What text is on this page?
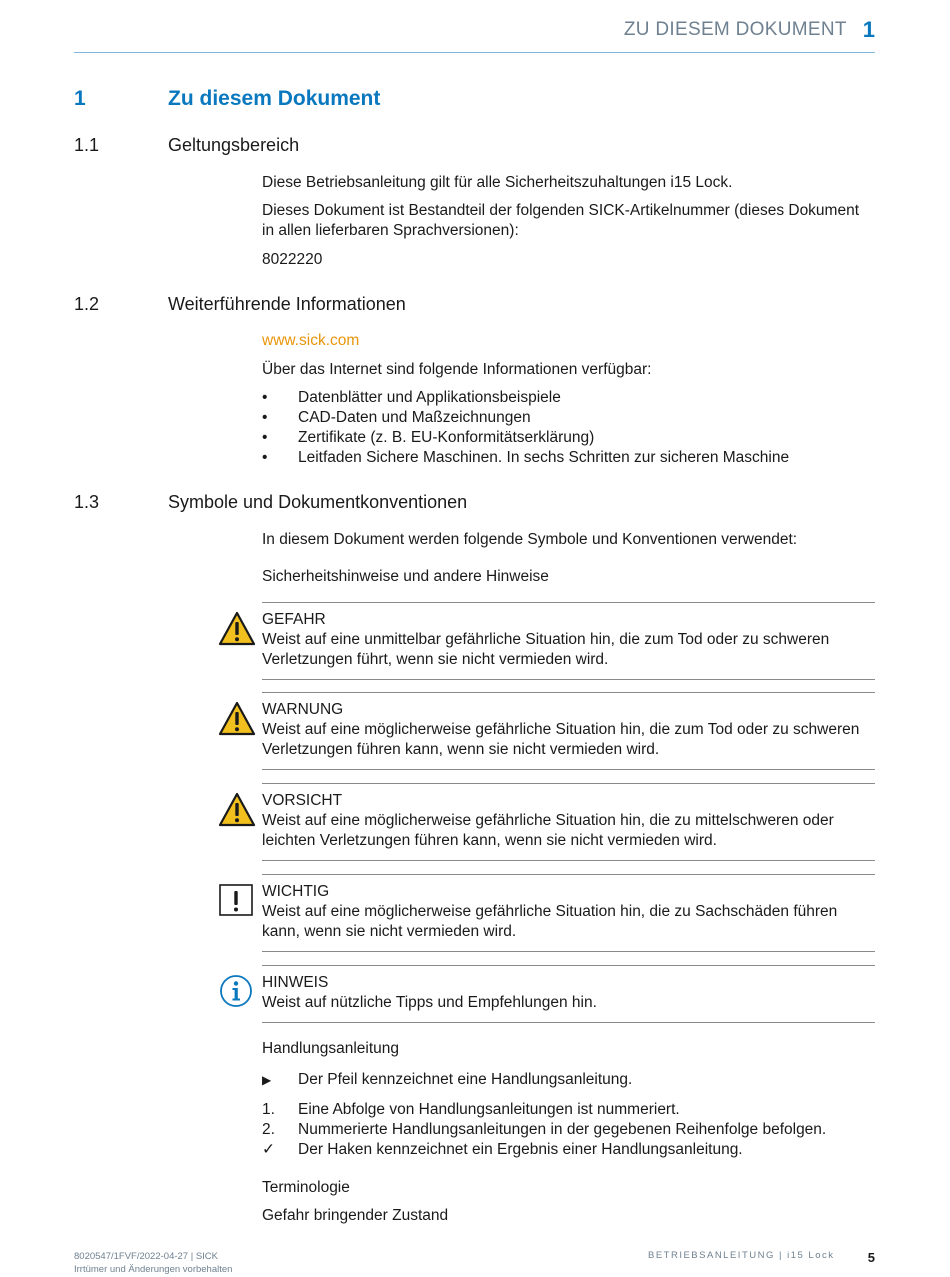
ZU DIESEM DOKUMENT 1
1	Zu diesem Dokument
1.1	Geltungsbereich
Diese Betriebsanleitung gilt für alle Sicherheitszuhaltungen i15 Lock.
Dieses Dokument ist Bestandteil der folgenden SICK-Artikelnummer (dieses Dokument
in allen lieferbaren Sprachversionen):
8022220
1.2	Weiterführende Informationen
www.sick.com
Über das Internet sind folgende Informationen verfügbar:
•	Datenblätter und Applikationsbeispiele
•	CAD-Daten und Maßzeichnungen
•	Zertifikate (z. B. EU-Konformitätserklärung)
•	Leitfaden Sichere Maschinen. In sechs Schritten zur sicheren Maschine
1.3	Symbole und Dokumentkonventionen
In diesem Dokument werden folgende Symbole und Konventionen verwendet:
Sicherheitshinweise und andere Hinweise
GEFAHR
Weist auf eine unmittelbar gefährliche Situation hin, die zum Tod oder zu schweren
Verletzungen führt, wenn sie nicht vermieden wird.
WARNUNG
Weist auf eine möglicherweise gefährliche Situation hin, die zum Tod oder zu schweren
Verletzungen führen kann, wenn sie nicht vermieden wird.
VORSICHT
Weist auf eine möglicherweise gefährliche Situation hin, die zu mittelschweren oder
leichten Verletzungen führen kann, wenn sie nicht vermieden wird.
WICHTIG
Weist auf eine möglicherweise gefährliche Situation hin, die zu Sachschäden führen
kann, wenn sie nicht vermieden wird.
HINWEIS
Weist auf nützliche Tipps und Empfehlungen hin.
Handlungsanleitung
▶	Der Pfeil kennzeichnet eine Handlungsanleitung.
1.	Eine Abfolge von Handlungsanleitungen ist nummeriert.
2.	Nummerierte Handlungsanleitungen in der gegebenen Reihenfolge befolgen.
✓	Der Haken kennzeichnet ein Ergebnis einer Handlungsanleitung.
Terminologie
Gefahr bringender Zustand
8020547/1FVF/2022-04-27 | SICK
Irrtümer und Änderungen vorbehalten
BETRIEBSANLEITUNG | i15 Lock	5
